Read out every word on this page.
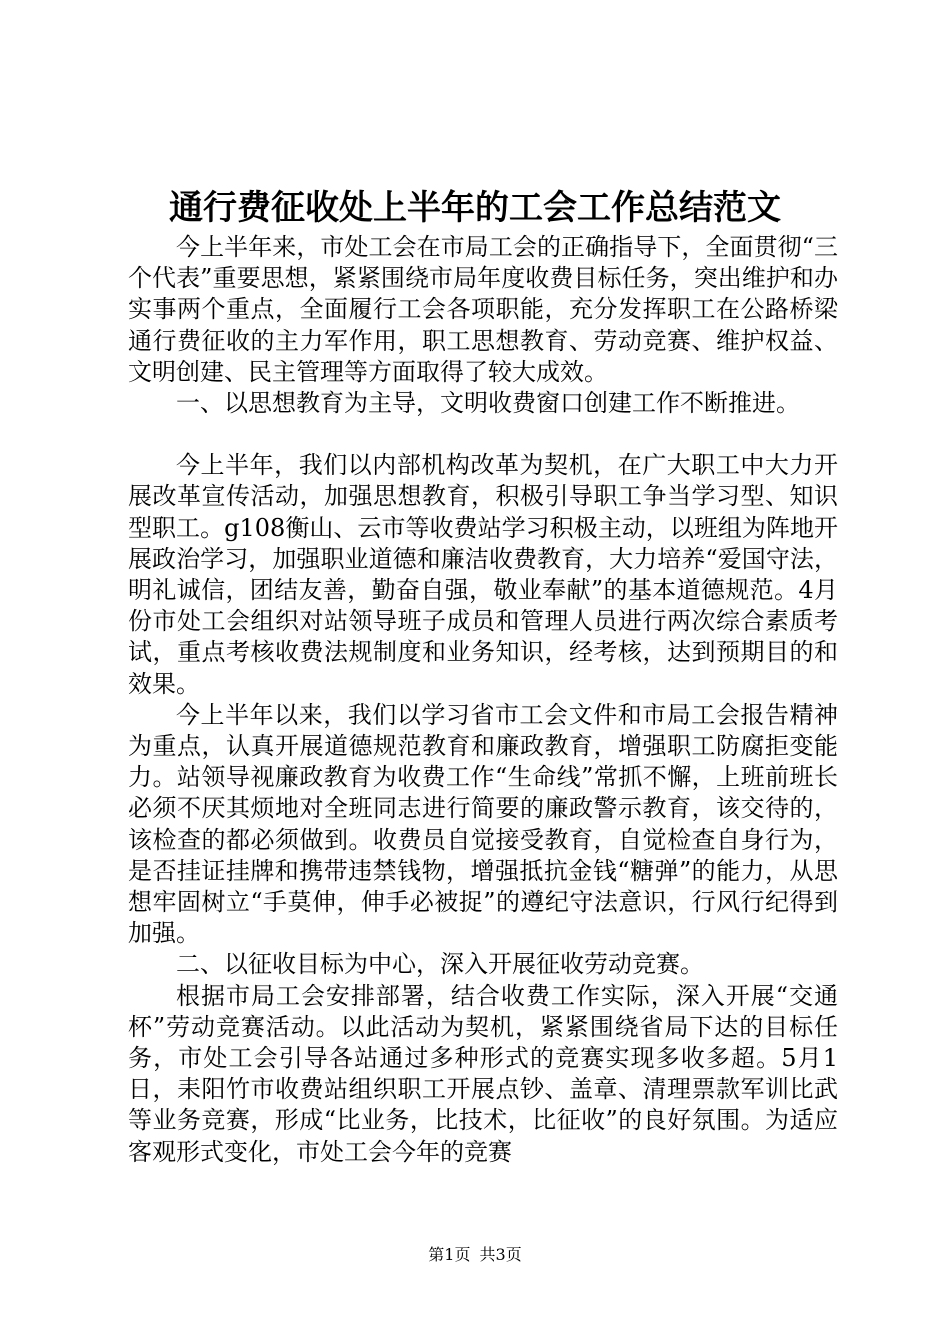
通行费征收处上半年的工会工作总结范文

今上半年来，市处工会在市局工会的正确指导下，全面贯彻“三个代表”重要思想，紧紧围绕市局年度收费目标任务，突出维护和办实事两个重点，全面履行工会各项职能，充分发挥职工在公路桥梁通行费征收的主力军作用，职工思想教育、劳动竞赛、维护权益、文明创建、民主管理等方面取得了较大成效。

一、以思想教育为主导，文明收费窗口创建工作不断推进。

今上半年，我们以内部机构改革为契机，在广大职工中大力开展改革宣传活动，加强思想教育，积极引导职工争当学习型、知识型职工。g108衡山、云市等收费站学习积极主动，以班组为阵地开展政治学习，加强职业道德和廉洁收费教育，大力培养“爱国守法，明礼诚信，团结友善，勤奋自强，敬业奉献”的基本道德规范。4月份市处工会组织对站领导班子成员和管理人员进行两次综合素质考试，重点考核收费法规制度和业务知识，经考核，达到预期目的和效果。

今上半年以来，我们以学习省市工会文件和市局工会报告精神为重点，认真开展道德规范教育和廉政教育，增强职工防腐拒变能力。站领导视廉政教育为收费工作“生命线”常抓不懈，上班前班长必须不厌其烦地对全班同志进行简要的廉政警示教育，该交待的，该检查的都必须做到。收费员自觉接受教育，自觉检查自身行为，是否挂证挂牌和携带违禁钱物，增强抵抗金钱“糖弹”的能力，从思想牢固树立“手莫伸，伸手必被捉”的遵纪守法意识，行风行纪得到加强。

二、以征收目标为中心，深入开展征收劳动竞赛。

根据市局工会安排部署，结合收费工作实际，深入开展“交通杯”劳动竞赛活动。以此活动为契机，紧紧围绕省局下达的目标任务，市处工会引导各站通过多种形式的竞赛实现多收多超。5月1日，耒阳竹市收费站组织职工开展点钞、盖章、清理票款军训比武等业务竞赛，形成“比业务，比技术，比征收”的良好氛围。为适应客观形式变化，市处工会今年的竞赛

第1页 共3页
